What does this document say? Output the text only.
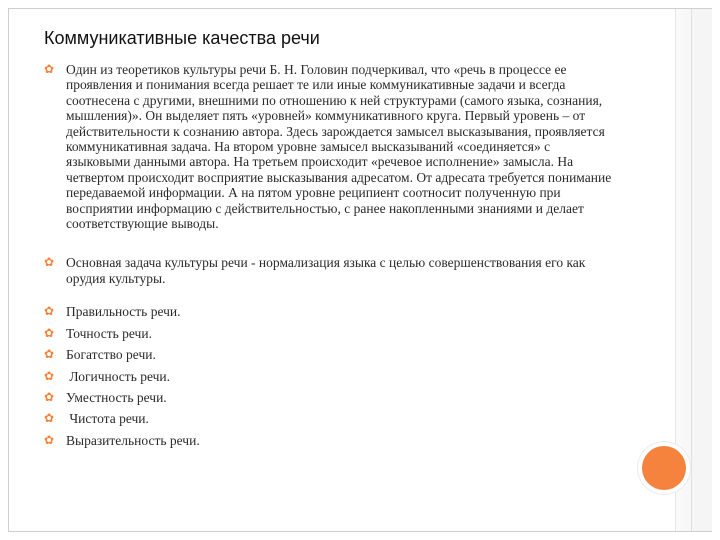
Коммуникативные качества речи
✿ Один из теоретиков культуры речи Б. Н. Головин подчеркивал, что «речь в процессе ее проявления и понимания всегда решает те или иные коммуникативные задачи и всегда соотнесена с другими, внешними по отношению к ней структурами (самого языка, сознания, мышления)». Он выделяет пять «уровней» коммуникативного круга. Первый уровень – от действительности к сознанию автора. Здесь зарождается замысел высказывания, проявляется коммуникативная задача. На втором уровне замысел высказываний «соединяется» с языковыми данными автора. На третьем происходит «речевое исполнение» замысла. На четвертом происходит восприятие высказывания адресатом. От адресата требуется понимание передаваемой информации. А на пятом уровне реципиент соотносит полученную при восприятии информацию с действительностью, с ранее накопленными знаниями и делает соответствующие выводы.
✿ Основная задача культуры речи - нормализация языка с целью совершенствования его как орудия культуры.
✿ Правильность речи.
✿ Точность речи.
✿ Богатство речи.
✿ Логичность речи.
✿ Уместность речи.
✿ Чистота речи.
✿ Выразительность речи.
